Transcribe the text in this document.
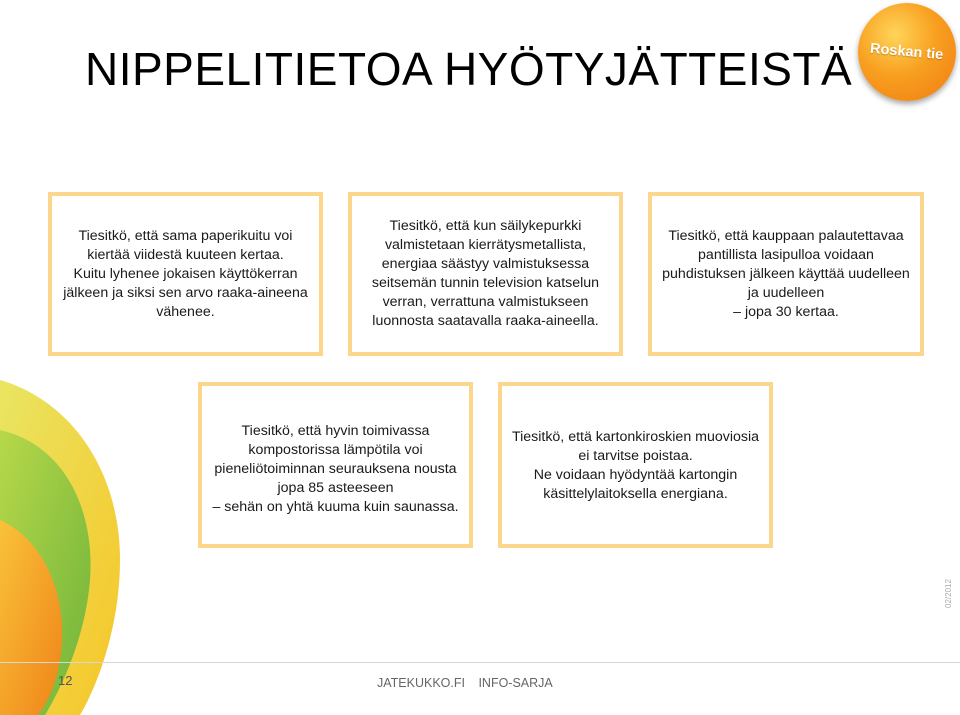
NIPPELITIETOA HYÖTYJÄTTEISTÄ Roskan tie
Tiesitkö, että sama paperikuitu voi
kiertää viidestä kuuteen kertaa.
Kuitu lyhenee jokaisen käyttökerran
jälkeen ja siksi sen arvo raaka-aineena
vähenee.
Tiesitkö, että kun säilykepurkki
valmistetaan kierrätysmetallista,
energiaa säästyy valmistuksessa
seitsemän tunnin television katselun
verran, verrattuna valmistukseen
luonnosta saatavalla raaka-aineella.
Tiesitkö, että kauppaan palautettavaa
pantillista lasipulloa voidaan
puhdistuksen jälkeen käyttää uudelleen
ja uudelleen
– jopa 30 kertaa.
Tiesitkö, että hyvin toimivassa
kompostorissa lämpötila voi
pieneliötoiminnan seurauksena nousta
jopa 85 asteeseen
– sehän on yhtä kuuma kuin saunassa.
Tiesitkö, että kartonkiroskien muoviosia
ei tarvitse poistaa.
Ne voidaan hyödyntää kartongin
käsittelylaitoksella energiana.
12	JATEKUKKO.FI INFO-SARJA
02/2012
